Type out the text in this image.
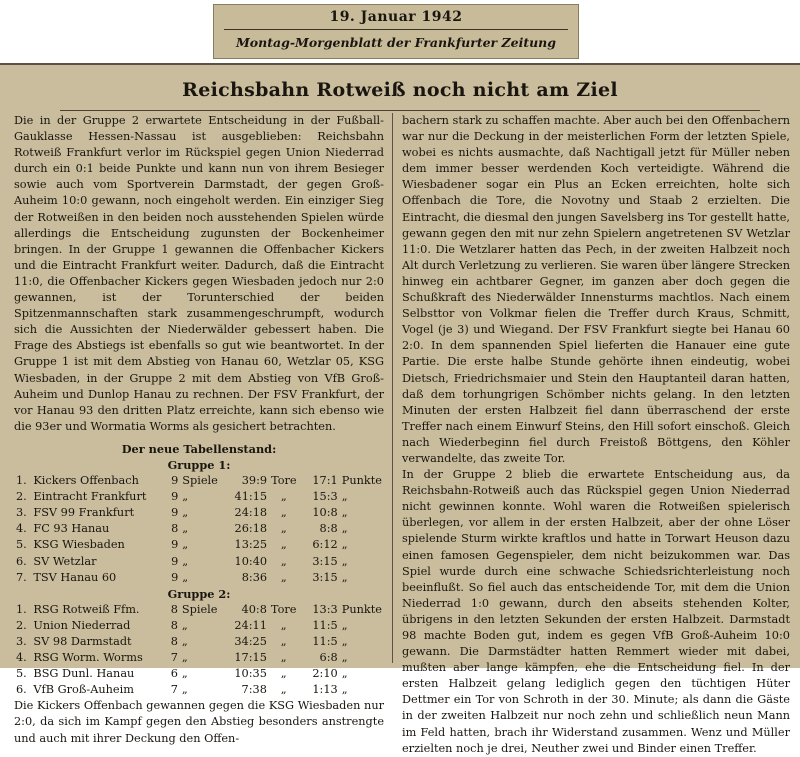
19. Januar 1942
Montag-Morgenblatt der Frankfurter Zeitung
Reichsbahn Rotweiß noch nicht am Ziel

Die in der Gruppe 2 erwartete Entscheidung in der Fußball-Gauklasse Hessen-Nassau ist ausgeblieben: Reichsbahn Rotweiß Frankfurt verlor im Rückspiel gegen Union Niederrad durch ein 0:1 beide Punkte und kann nun von ihrem Besieger sowie auch vom Sportverein Darmstadt, der gegen Groß-Auheim 10:0 gewann, noch eingeholt werden. Ein einziger Sieg der Rotweißen in den beiden noch ausstehenden Spielen würde allerdings die Entscheidung zugunsten der Bockenheimer bringen. In der Gruppe 1 gewannen die Offenbacher Kickers und die Eintracht Frankfurt weiter. Dadurch, daß die Eintracht 11:0, die Offenbacher Kickers gegen Wiesbaden jedoch nur 2:0 gewannen, ist der Torunterschied der beiden Spitzenmannschaften stark zusammengeschrumpft, wodurch sich die Aussichten der Niederwälder gebessert haben. Die Frage des Abstiegs ist ebenfalls so gut wie beantwortet. In der Gruppe 1 ist mit dem Abstieg von Hanau 60, Wetzlar 05, KSG Wiesbaden, in der Gruppe 2 mit dem Abstieg von VfB Groß-Auheim und Dunlop Hanau zu rechnen. Der FSV Frankfurt, der vor Hanau 93 den dritten Platz erreichte, kann sich ebenso wie die 93er und Wormatia Worms als gesichert betrachten.

Der neue Tabellenstand:
Gruppe 1:
1.	Kickers Offenbach	9	Spiele	39:9	Tore	17:1	Punkte
2.	Eintracht Frankfurt	9	„	41:15	„	15:3	„
3.	FSV 99 Frankfurt	9	„	24:18	„	10:8	„
4.	FC 93 Hanau	8	„	26:18	„	8:8	„
5.	KSG Wiesbaden	9	„	13:25	„	6:12	„
6.	SV Wetzlar	9	„	10:40	„	3:15	„
7.	TSV Hanau 60	9	„	8:36	„	3:15	„
Gruppe 2:
1.	RSG Rotweiß Ffm.	8	Spiele	40:8	Tore	13:3	Punkte
2.	Union Niederrad	8	„	24:11	„	11:5	„
3.	SV 98 Darmstadt	8	„	34:25	„	11:5	„
4.	RSG Worm. Worms	7	„	17:15	„	6:8	„
5.	BSG Dunl. Hanau	6	„	10:35	„	2:10	„
6.	VfB Groß-Auheim	7	„	7:38	„	1:13	„

Die Kickers Offenbach gewannen gegen die KSG Wiesbaden nur 2:0, da sich im Kampf gegen den Abstieg besonders anstrengte und auch mit ihrer Deckung den Offen-

bachern stark zu schaffen machte. Aber auch bei den Offenbachern war nur die Deckung in der meisterlichen Form der letzten Spiele, wobei es nichts ausmachte, daß Nachtigall jetzt für Müller neben dem immer besser werdenden Koch verteidigte. Während die Wiesbadener sogar ein Plus an Ecken erreichten, holte sich Offenbach die Tore, die Novotny und Staab 2 erzielten. Die Eintracht, die diesmal den jungen Savelsberg ins Tor gestellt hatte, gewann gegen den mit nur zehn Spielern angetretenen SV Wetzlar 11:0. Die Wetzlarer hatten das Pech, in der zweiten Halbzeit noch Alt durch Verletzung zu verlieren. Sie waren über längere Strecken hinweg ein achtbarer Gegner, im ganzen aber doch gegen die Schußkraft des Niederwälder Innensturms machtlos. Nach einem Selbsttor von Volkmar fielen die Treffer durch Kraus, Schmitt, Vogel (je 3) und Wiegand. Der FSV Frankfurt siegte bei Hanau 60 2:0. In dem spannenden Spiel lieferten die Hanauer eine gute Partie. Die erste halbe Stunde gehörte ihnen eindeutig, wobei Dietsch, Friedrichsmaier und Stein den Hauptanteil daran hatten, daß dem torhungrigen Schömber nichts gelang. In den letzten Minuten der ersten Halbzeit fiel dann überraschend der erste Treffer nach einem Einwurf Steins, den Hill sofort einschoß. Gleich nach Wiederbeginn fiel durch Freistoß Böttgens, den Köhler verwandelte, das zweite Tor.

In der Gruppe 2 blieb die erwartete Entscheidung aus, da Reichsbahn-Rotweiß auch das Rückspiel gegen Union Niederrad nicht gewinnen konnte. Wohl waren die Rotweißen spielerisch überlegen, vor allem in der ersten Halbzeit, aber der ohne Löser spielende Sturm wirkte kraftlos und hatte in Torwart Heuson dazu einen famosen Gegenspieler, dem nicht beizukommen war. Das Spiel wurde durch eine schwache Schiedsrichterleistung noch beeinflußt. So fiel auch das entscheidende Tor, mit dem die Union Niederrad 1:0 gewann, durch den abseits stehenden Kolter, übrigens in den letzten Sekunden der ersten Halbzeit. Darmstadt 98 machte Boden gut, indem es gegen VfB Groß-Auheim 10:0 gewann. Die Darmstädter hatten Remmert wieder mit dabei, mußten aber lange kämpfen, ehe die Entscheidung fiel. In der ersten Halbzeit gelang lediglich gegen den tüchtigen Hüter Dettmer ein Tor von Schroth in der 30. Minute; als dann die Gäste in der zweiten Halbzeit nur noch zehn und schließlich neun Mann im Feld hatten, brach ihr Widerstand zusammen. Wenz und Müller erzielten noch je drei, Neuther zwei und Binder einen Treffer.
